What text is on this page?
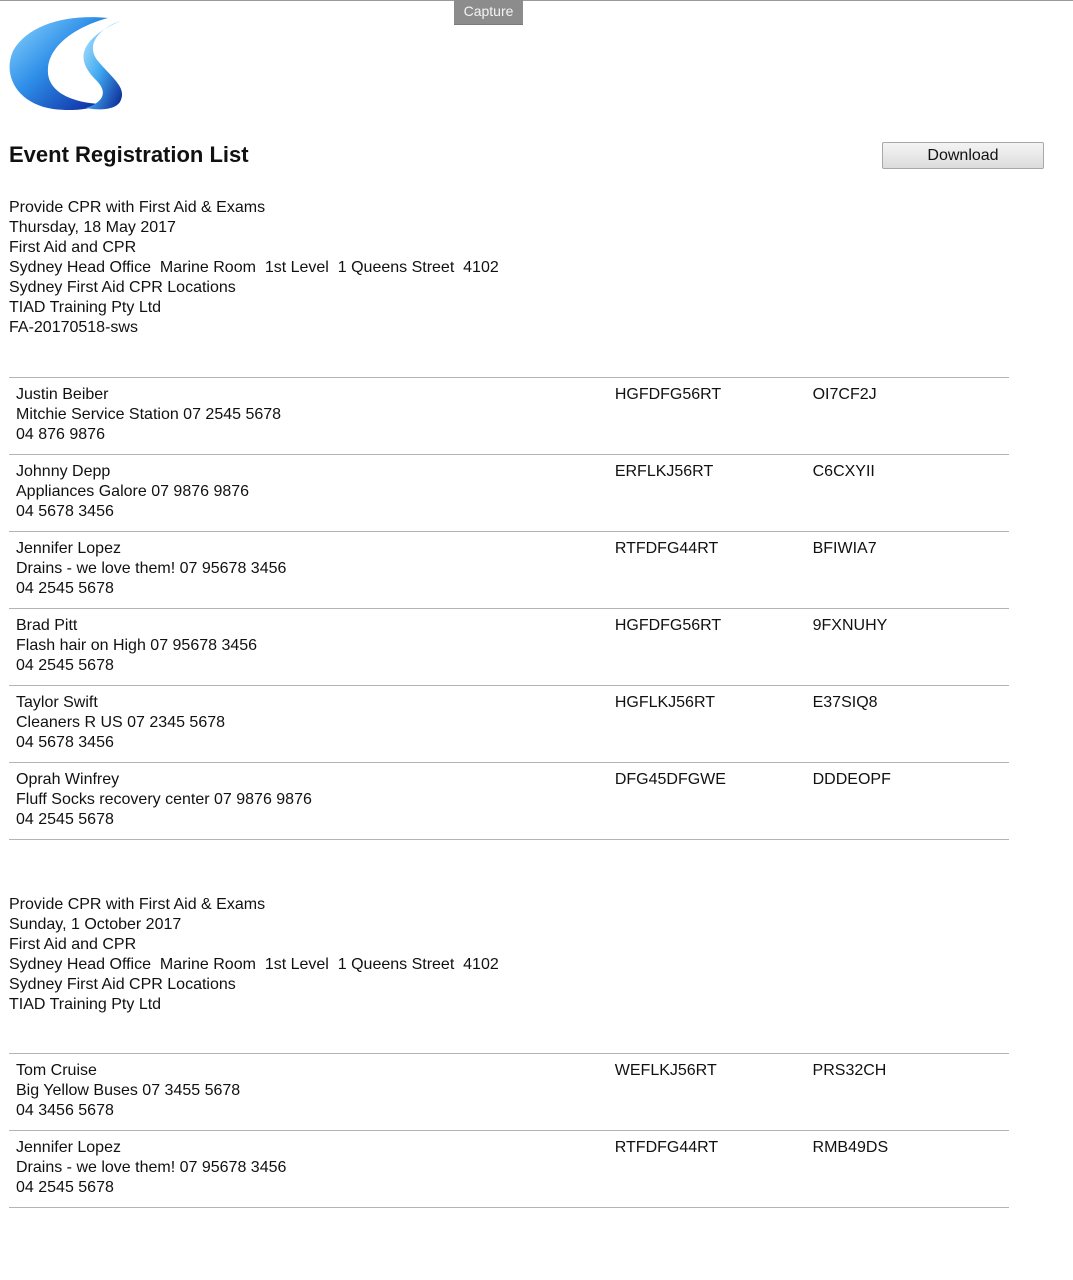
Capture
Event Registration List	Download
Provide CPR with First Aid & Exams
Thursday, 18 May 2017
First Aid and CPR
Sydney Head Office  Marine Room  1st Level  1 Queens Street  4102
Sydney First Aid CPR Locations
TIAD Training Pty Ltd
FA-20170518-sws
Justin Beiber
Mitchie Service Station 07 2545 5678
04 876 9876	HGFDFG56RT	OI7CF2J

Johnny Depp
Appliances Galore 07 9876 9876
04 5678 3456	ERFLKJ56RT	C6CXYII

Jennifer Lopez
Drains - we love them! 07 95678 3456
04 2545 5678	RTFDFG44RT	BFIWIA7

Brad Pitt
Flash hair on High 07 95678 3456
04 2545 5678	HGFDFG56RT	9FXNUHY

Taylor Swift
Cleaners R US 07 2345 5678
04 5678 3456	HGFLKJ56RT	E37SIQ8

Oprah Winfrey
Fluff Socks recovery center 07 9876 9876
04 2545 5678	DFG45DFGWE	DDDEOPF
Provide CPR with First Aid & Exams
Sunday, 1 October 2017
First Aid and CPR
Sydney Head Office  Marine Room  1st Level  1 Queens Street  4102
Sydney First Aid CPR Locations
TIAD Training Pty Ltd
Tom Cruise
Big Yellow Buses 07 3455 5678
04 3456 5678	WEFLKJ56RT	PRS32CH

Jennifer Lopez
Drains - we love them! 07 95678 3456
04 2545 5678	RTFDFG44RT	RMB49DS
